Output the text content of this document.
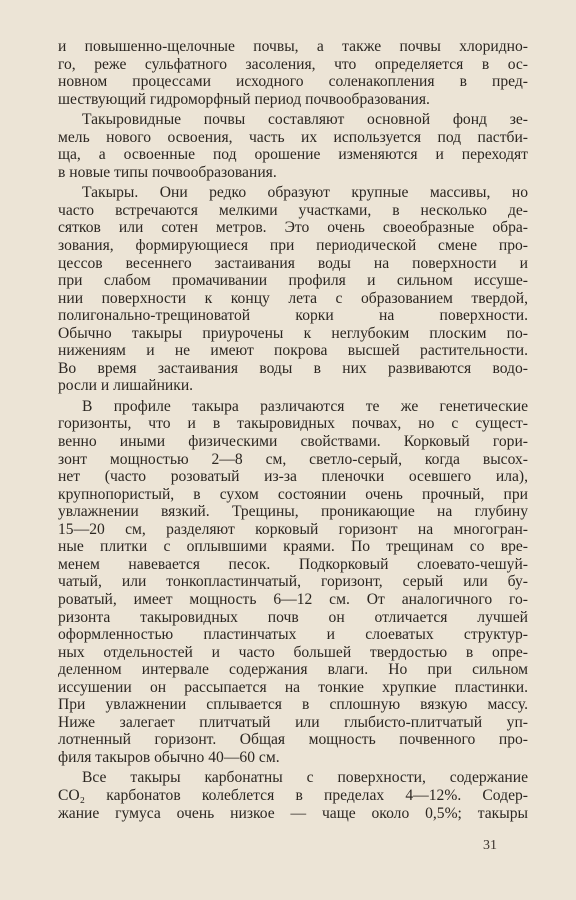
и повышенно-щелочные почвы, а также почвы хлоридно-
го, реже сульфатного засоления, что определяется в ос-
новном процессами исходного соленакопления в пред-
шествующий гидроморфный период почвообразования.
Такыровидные почвы составляют основной фонд зе-
мель нового освоения, часть их используется под пастби-
ща, а освоенные под орошение изменяются и переходят
в новые типы почвообразования.
Такыры. Они редко образуют крупные массивы, но
часто встречаются мелкими участками, в несколько де-
сятков или сотен метров. Это очень своеобразные обра-
зования, формирующиеся при периодической смене про-
цессов весеннего застаивания воды на поверхности и
при слабом промачивании профиля и сильном иссуше-
нии поверхности к концу лета с образованием твердой,
полигонально-трещиноватой корки на поверхности.
Обычно такыры приурочены к неглубоким плоским по-
нижениям и не имеют покрова высшей растительности.
Во время застаивания воды в них развиваются водо-
росли и лишайники.
В профиле такыра различаются те же генетические
горизонты, что и в такыровидных почвах, но с сущест-
венно иными физическими свойствами. Корковый гори-
зонт мощностью 2—8 см, светло-серый, когда высох-
нет (часто розоватый из-за пленочки осевшего ила),
крупнопористый, в сухом состоянии очень прочный, при
увлажнении вязкий. Трещины, проникающие на глубину
15—20 см, разделяют корковый горизонт на многогран-
ные плитки с оплывшими краями. По трещинам со вре-
менем навевается песок. Подкорковый слоевато-чешуй-
чатый, или тонкопластинчатый, горизонт, серый или бу-
роватый, имеет мощность 6—12 см. От аналогичного го-
ризонта такыровидных почв он отличается лучшей
оформленностью пластинчатых и слоеватых структур-
ных отдельностей и часто большей твердостью в опре-
деленном интервале содержания влаги. Но при сильном
иссушении он рассыпается на тонкие хрупкие пластинки.
При увлажнении сплывается в сплошную вязкую массу.
Ниже залегает плитчатый или глыбисто-плитчатый уп-
лотненный горизонт. Общая мощность почвенного про-
филя такыров обычно 40—60 см.
Все такыры карбонатны с поверхности, содержание
CO₂ карбонатов колеблется в пределах 4—12%. Содер-
жание гумуса очень низкое — чаще около 0,5%; такыры
31
